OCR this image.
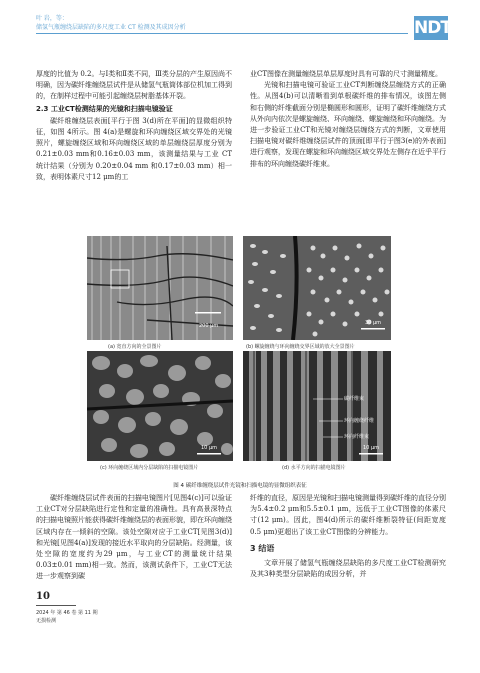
叶 岩，等：
储氢气瓶缠绕层缺陷的多尺度工业 CT 检测及其成因分析	NDT

厚度的比值为 0.2。与Ⅰ类和Ⅱ类不同，Ⅲ类分层的产生原因尚不明确，因为碳纤维缠绕层试件是从储氢气瓶筒体部位机加工得到的，在制样过程中可能引起缠绕层树脂基体开裂。

2.3 工业CT检测结果的光镜和扫描电镜验证

碳纤维缠绕层表面[平行于图 3(d)所在平面]的显微组织特征，如图 4所示。图 4(a)是螺旋和环向缠绕区域交界处的光镜照片，螺旋缠绕区域和环向缠绕区域的单层缠绕层厚度分别为0.21±0.03 mm和0.16±0.03 mm，该测量结果与工业 CT 统计结果（分别为 0.20±0.04 mm 和0.17±0.03 mm）相一致，表明体素尺寸12 μm的工

业CT图像在测量缠绕层单层厚度时具有可靠的尺寸测量精度。

光镜和扫描电镜可验证工业CT判断缠绕层缠绕方式的正确性。从图4(b)可以清晰看到单根碳纤维的排布情况，该图左侧和右侧的纤维截面分别是椭圆形和圆形，证明了碳纤维缠绕方式从外向内依次是螺旋缠绕、环向缠绕、螺旋缠绕和环向缠绕。为进一步验证工业CT和光镜对缠绕层缠绕方式的判断，文章使用扫描电镜对碳纤维缠绕层试件的顶面[即平行于图3(e)的外表面]进行观察，发现在螺旋和环向缠绕区域交界处左侧存在近乎平行排布的环向缠绕碳纤维束。

200 μm
(a) 宽直方向的全景图片
30 μm
(b) 螺旋缠绕与环向缠绕交界区域的放大全景图片
10 μm
(c) 环向缠绕区域内分层缺陷的扫描电镜图片
碳纤维束
环向缠绕纤维
环向纤维束
10 μm
(d) 水平方向的扫描电镜图片
图 4 碳纤维缠绕层试件光镜和扫描电镜的显微组织表征

碳纤维缠绕层试件表面的扫描电镜图片[见图4(c)]可以验证工业CT对分层缺陷进行定性和定量的准确性。具有高景深特点的扫描电镜照片能获得碳纤维缠绕层的表面形貌，即在环向缠绕区域内存在一倾斜的空隙。该处空隙对应于工业CT[见图3(d)]和光镜[见图4(a)]发现的接近水平取向的分层缺陷。经测量，该处空隙的宽度约为29 μm，与工业CT的测量统计结果0.03±0.01 mm)相一致。然而，该测试条件下，工业CT无法进一步观察到碳

纤维的直径，原因是光镜和扫描电镜测量得到碳纤维的直径分别为5.4±0.2 μm和5.5±0.1 μm，远低于工业CT图像的体素尺寸(12 μm)。因此，图4(d)所示的碳纤维断裂特征(间距宽度0.5 μm)更超出了该工业CT图像的分辨能力。

3 结语

文章开展了储氢气瓶缠绕层缺陷的多尺度工业CT检测研究及其3种类型分层缺陷的成因分析，并

10
2024 年 第 46 卷 第 11 期
无损检测
